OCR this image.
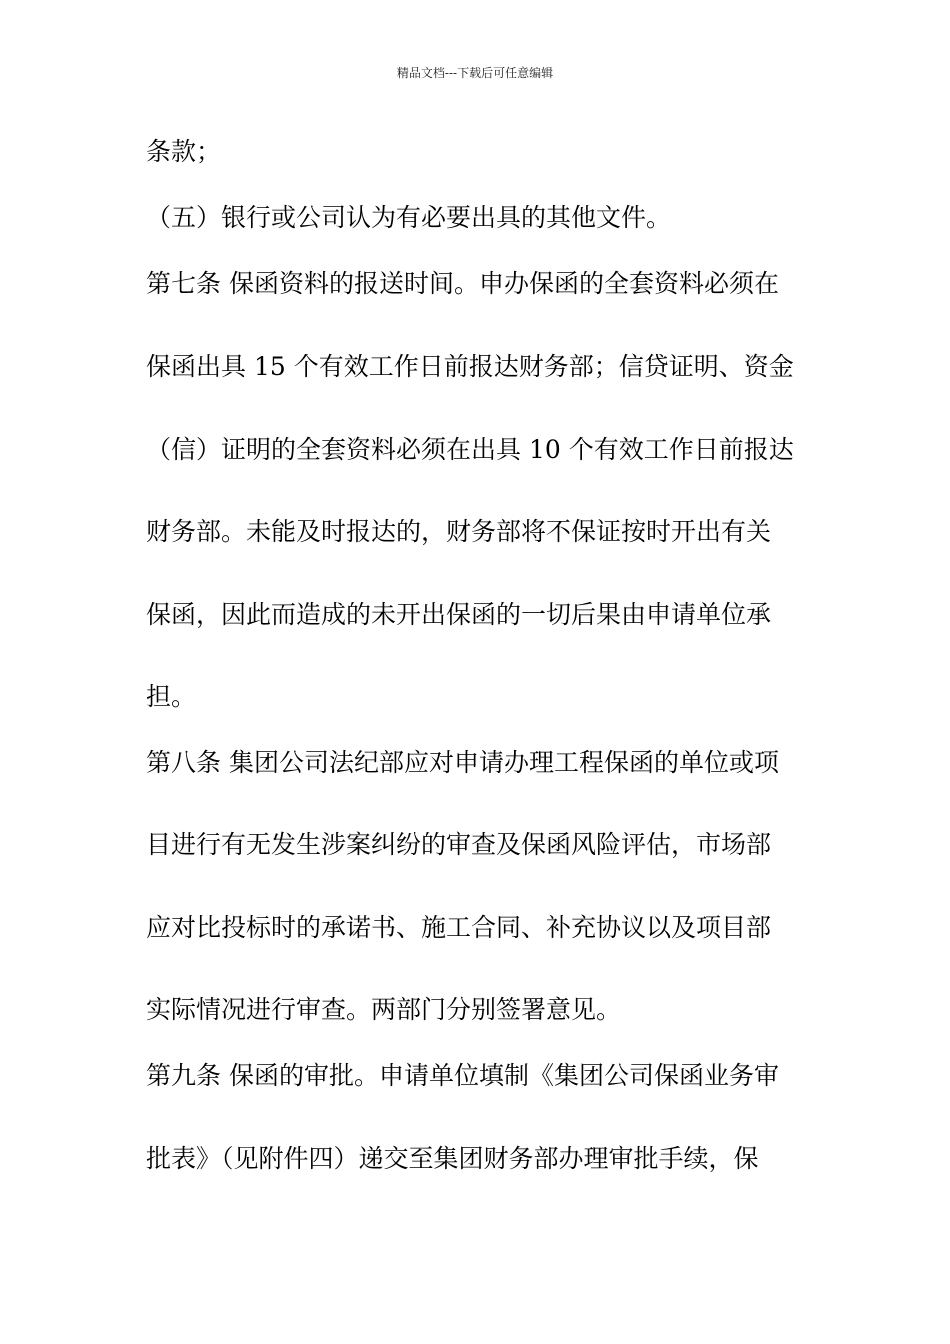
精品文档---下载后可任意编辑
条款；
（五）银行或公司认为有必要出具的其他文件。
第七条 保函资料的报送时间。申办保函的全套资料必须在
保函出具 15 个有效工作日前报达财务部；信贷证明、资金
（信）证明的全套资料必须在出具 10 个有效工作日前报达
财务部。未能及时报达的，财务部将不保证按时开出有关
保函，因此而造成的未开出保函的一切后果由申请单位承
担。
第八条 集团公司法纪部应对申请办理工程保函的单位或项
目进行有无发生涉案纠纷的审查及保函风险评估，市场部
应对比投标时的承诺书、施工合同、补充协议以及项目部
实际情况进行审查。两部门分别签署意见。
第九条 保函的审批。申请单位填制《集团公司保函业务审
批表》（见附件四）递交至集团财务部办理审批手续，保
